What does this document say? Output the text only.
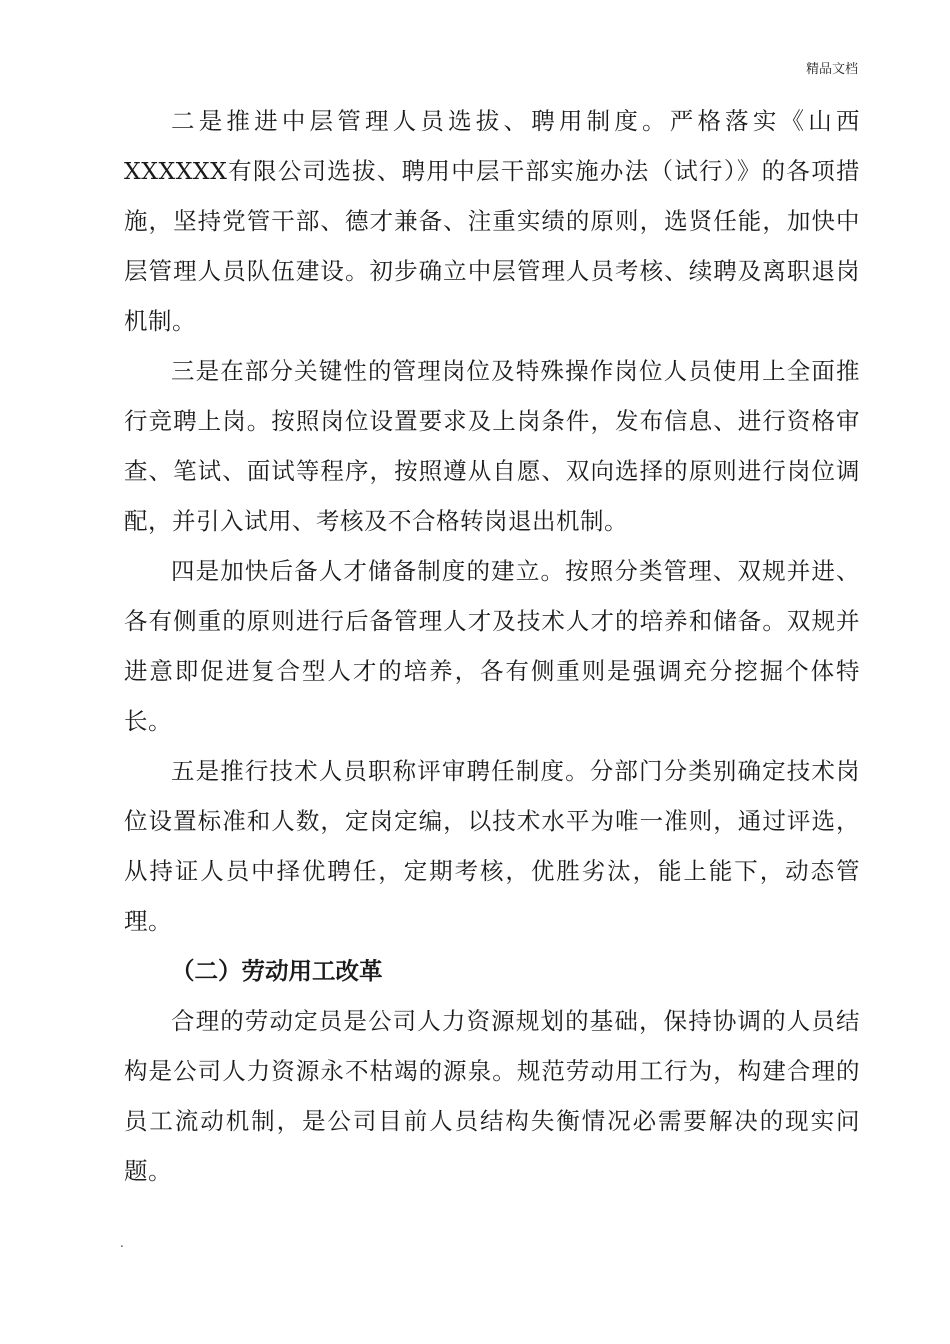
精品文档

二是推进中层管理人员选拔、聘用制度。严格落实《山西XXXXXX有限公司选拔、聘用中层干部实施办法（试行）》的各项措施，坚持党管干部、德才兼备、注重实绩的原则，选贤任能，加快中层管理人员队伍建设。初步确立中层管理人员考核、续聘及离职退岗机制。

三是在部分关键性的管理岗位及特殊操作岗位人员使用上全面推行竞聘上岗。按照岗位设置要求及上岗条件，发布信息、进行资格审查、笔试、面试等程序，按照遵从自愿、双向选择的原则进行岗位调配，并引入试用、考核及不合格转岗退出机制。

四是加快后备人才储备制度的建立。按照分类管理、双规并进、各有侧重的原则进行后备管理人才及技术人才的培养和储备。双规并进意即促进复合型人才的培养，各有侧重则是强调充分挖掘个体特长。

五是推行技术人员职称评审聘任制度。分部门分类别确定技术岗位设置标准和人数，定岗定编，以技术水平为唯一准则，通过评选，从持证人员中择优聘任，定期考核，优胜劣汰，能上能下，动态管理。

（二）劳动用工改革

合理的劳动定员是公司人力资源规划的基础，保持协调的人员结构是公司人力资源永不枯竭的源泉。规范劳动用工行为，构建合理的员工流动机制，是公司目前人员结构失衡情况必需要解决的现实问题。

.
